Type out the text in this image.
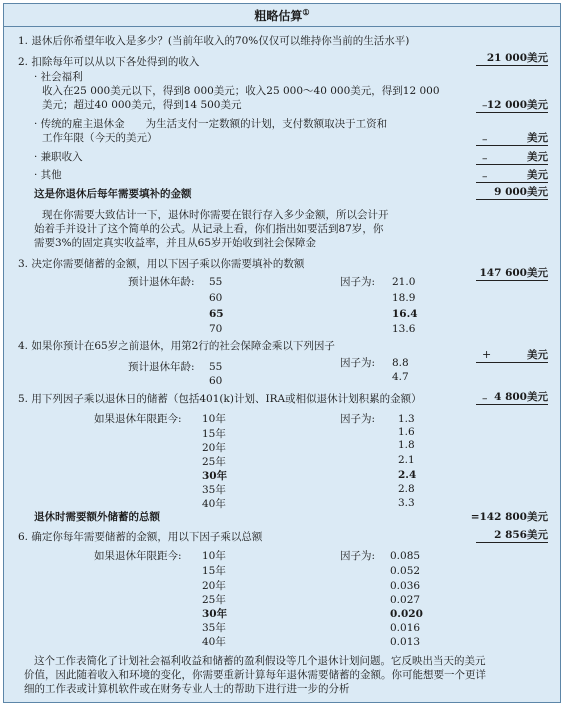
粗略估算①
1. 退休后你希望年收入是多少？(当前年收入的70%仅仅可以维持你当前的生活水平)
21 000美元
2. 扣除每年可以从以下各处得到的收入
· 社会福利
收入在25 000美元以下，得到8 000美元；收入25 000～40 000美元，得到12 000
美元；超过40 000美元，得到14 500美元	– 12 000美元
· 传统的雇主退休金　　为生活支付一定数额的计划，支付数额取决于工资和
工作年限（今天的美元）	–	美元
· 兼职收入	–	美元
· 其他	–	美元
这是你退休后每年需要填补的金额	9 000美元
现在你需要大致估计一下，退休时你需要在银行存入多少金额，所以会计开
始着手并设计了这个简单的公式。从记录上看，你们指出如要活到87岁，你
需要3%的固定真实收益率，并且从65岁开始收到社会保障金
3. 决定你需要储蓄的金额，用以下因子乘以你需要填补的数额
147 600美元
预计退休年龄:	因子为:
55	21.0
60	18.9
65	16.4
70	13.6
4. 如果你预计在65岁之前退休，用第2行的社会保障金乘以下列因子
+	美元
预计退休年龄: 55	因子为: 8.8
60	4.7
5. 用下列因子乘以退休日的储蓄（包括401(k)计划、IRA或相似退休计划积累的金额）	– 4 800美元
如果退休年限距今:	因子为:
10年	1.3
15年	1.6
20年	1.8
25年	2.1
30年	2.4
35年	2.8
40年	3.3
退休时需要额外储蓄的总额	=142 800美元
6. 确定你每年需要储蓄的金额，用以下因子乘以总额	2 856美元
如果退休年限距今:	因子为:
10年	0.085
15年	0.052
20年	0.036
25年	0.027
30年	0.020
35年	0.016
40年	0.013
这个工作表简化了计划社会福利收益和储蓄的盈利假设等几个退休计划问题。它反映出当天的美元
价值，因此随着收入和环境的变化，你需要重新计算每年退休需要储蓄的金额。你可能想要一个更详
细的工作表或计算机软件或在财务专业人士的帮助下进行进一步的分析
